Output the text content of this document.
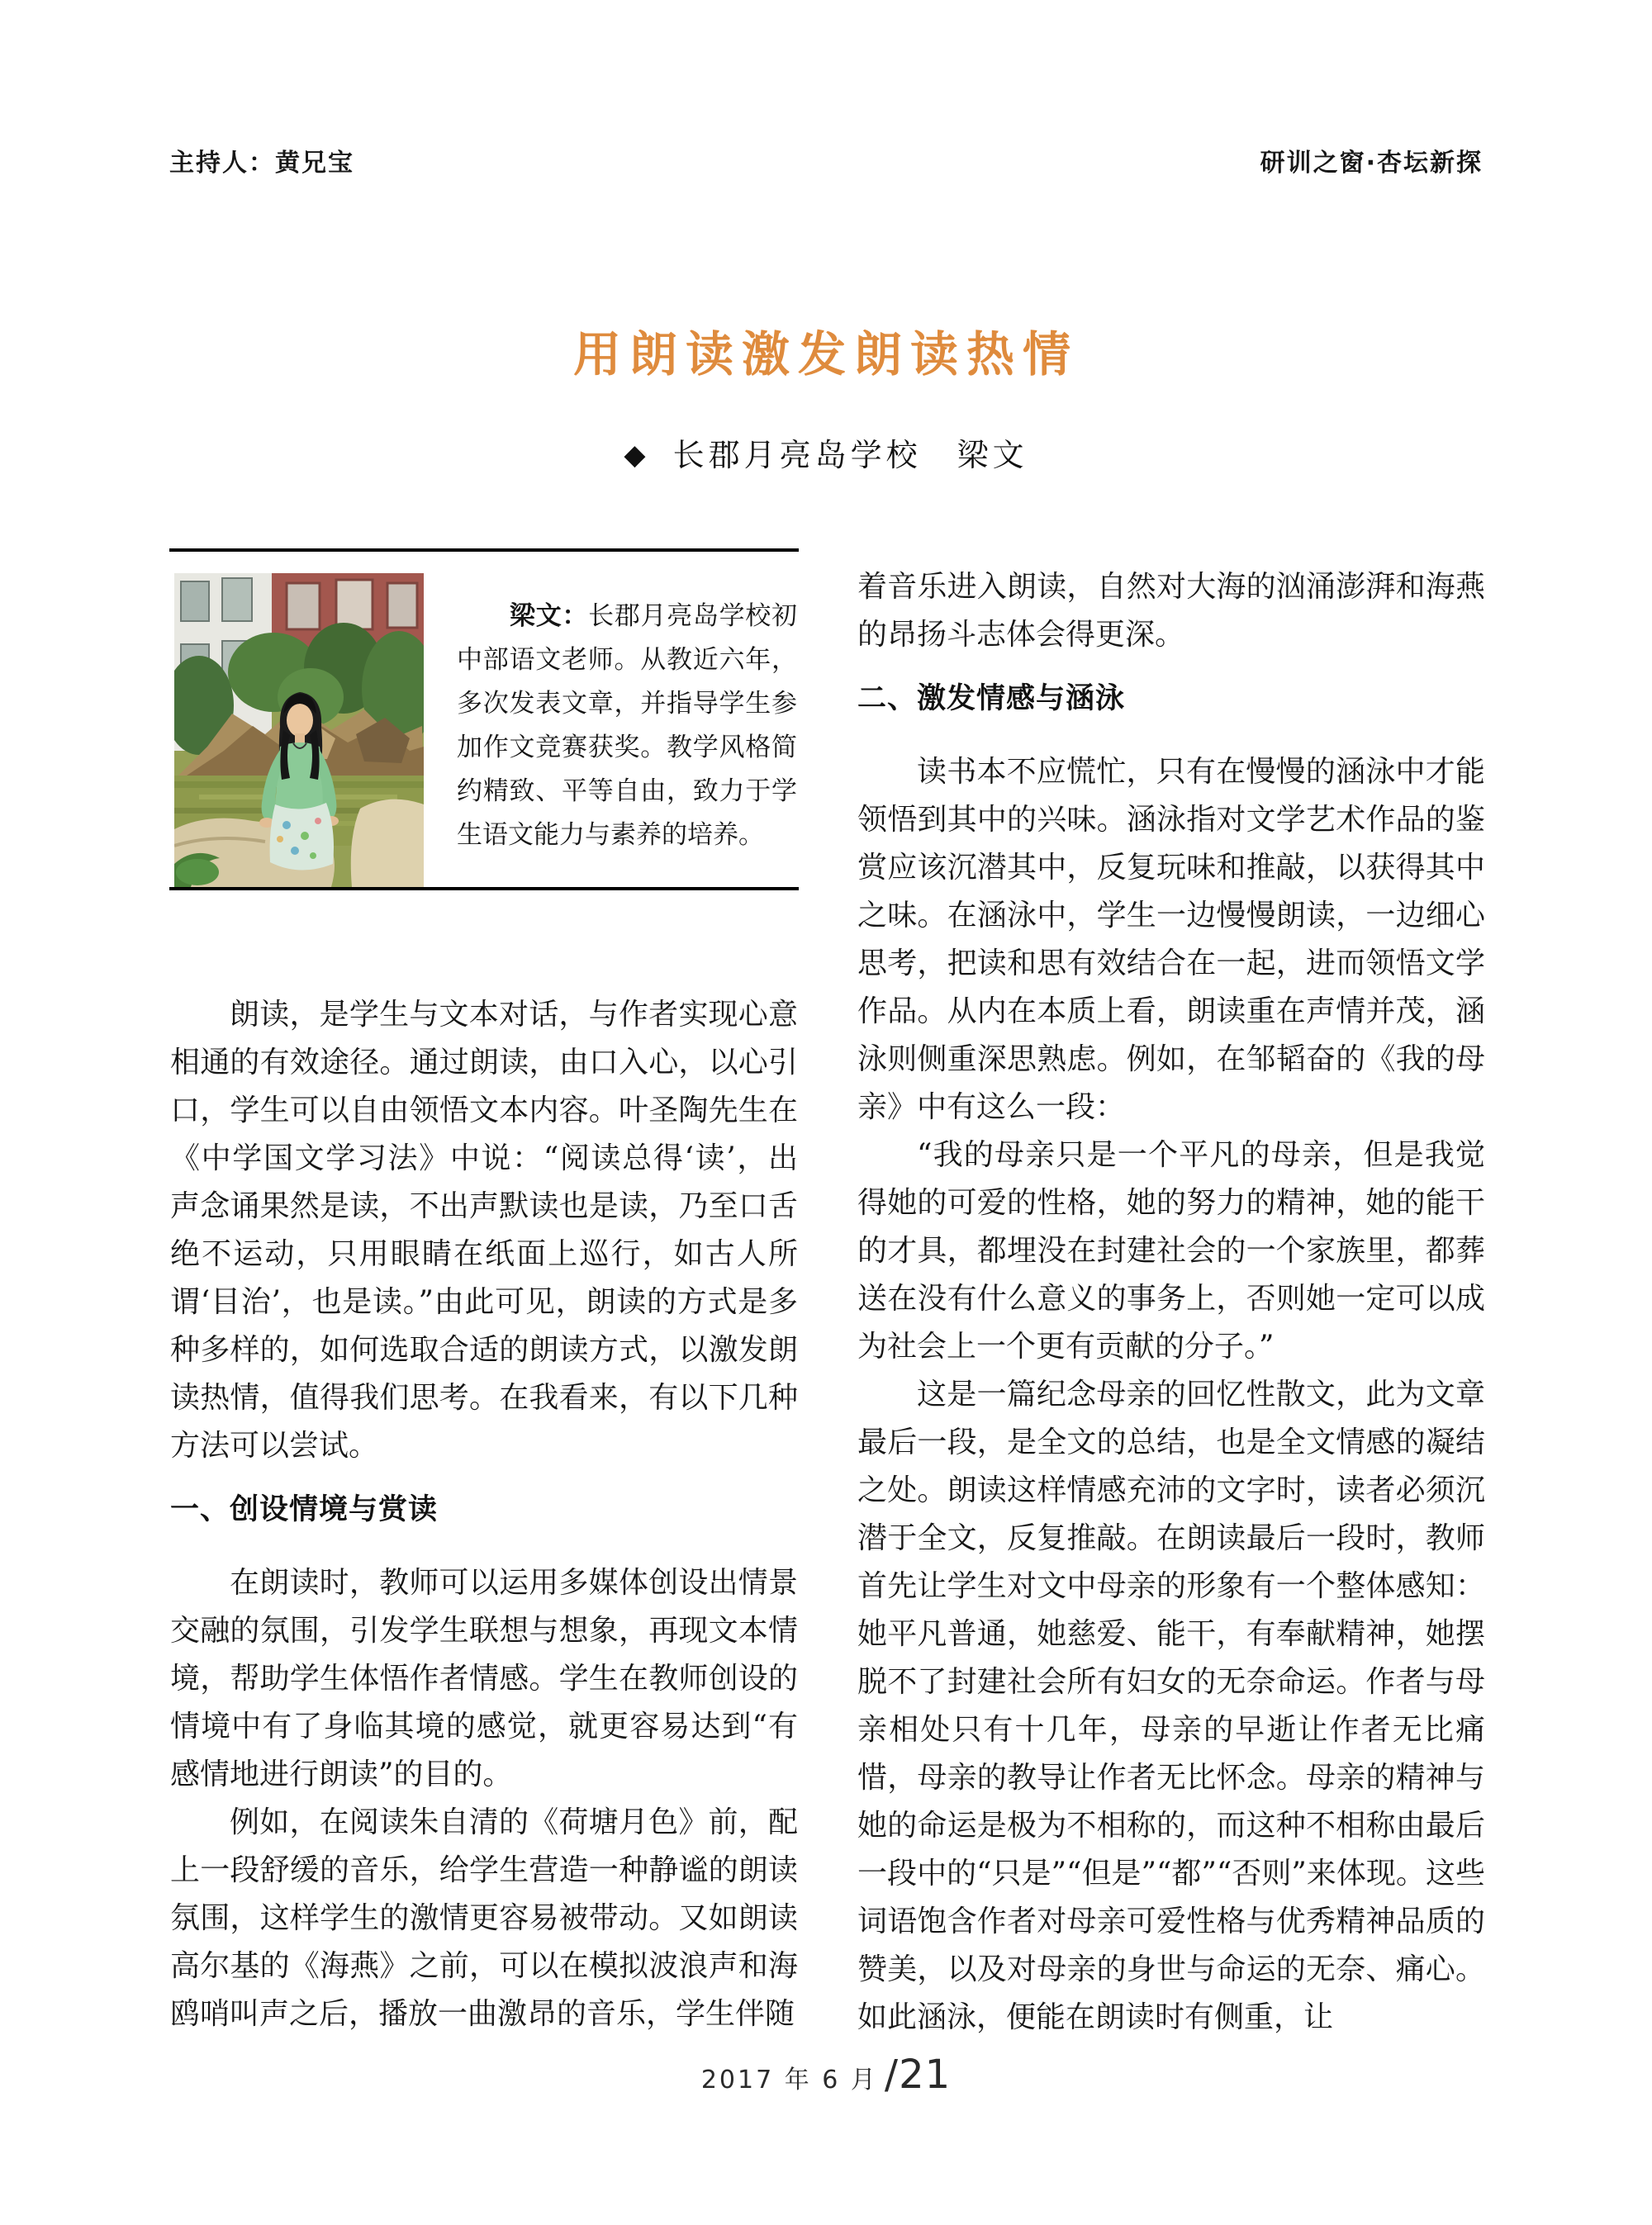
主持人：黄兄宝	研训之窗·杏坛新探
用朗读激发朗读热情
◆ 长郡月亮岛学校　梁文
梁文：长郡月亮岛学校初中部语文老师。从教近六年，多次发表文章，并指导学生参加作文竞赛获奖。教学风格简约精致、平等自由，致力于学生语文能力与素养的培养。

朗读，是学生与文本对话，与作者实现心意相通的有效途径。通过朗读，由口入心，以心引口，学生可以自由领悟文本内容。叶圣陶先生在《中学国文学习法》中说：“阅读总得‘读’，出声念诵果然是读，不出声默读也是读，乃至口舌绝不运动，只用眼睛在纸面上巡行，如古人所谓‘目治’，也是读。”由此可见，朗读的方式是多种多样的，如何选取合适的朗读方式，以激发朗读热情，值得我们思考。在我看来，有以下几种方法可以尝试。

一、创设情境与赏读

在朗读时，教师可以运用多媒体创设出情景交融的氛围，引发学生联想与想象，再现文本情境，帮助学生体悟作者情感。学生在教师创设的情境中有了身临其境的感觉，就更容易达到“有感情地进行朗读”的目的。

例如，在阅读朱自清的《荷塘月色》前，配上一段舒缓的音乐，给学生营造一种静谧的朗读氛围，这样学生的激情更容易被带动。又如朗读高尔基的《海燕》之前，可以在模拟波浪声和海鸥哨叫声之后，播放一曲激昂的音乐，学生伴随

着音乐进入朗读，自然对大海的汹涌澎湃和海燕的昂扬斗志体会得更深。

二、激发情感与涵泳

读书本不应慌忙，只有在慢慢的涵泳中才能领悟到其中的兴味。涵泳指对文学艺术作品的鉴赏应该沉潜其中，反复玩味和推敲，以获得其中之味。在涵泳中，学生一边慢慢朗读，一边细心思考，把读和思有效结合在一起，进而领悟文学作品。从内在本质上看，朗读重在声情并茂，涵泳则侧重深思熟虑。例如，在邹韬奋的《我的母亲》中有这么一段：

“我的母亲只是一个平凡的母亲，但是我觉得她的可爱的性格，她的努力的精神，她的能干的才具，都埋没在封建社会的一个家族里，都葬送在没有什么意义的事务上，否则她一定可以成为社会上一个更有贡献的分子。”

这是一篇纪念母亲的回忆性散文，此为文章最后一段，是全文的总结，也是全文情感的凝结之处。朗读这样情感充沛的文字时，读者必须沉潜于全文，反复推敲。在朗读最后一段时，教师首先让学生对文中母亲的形象有一个整体感知：她平凡普通，她慈爱、能干，有奉献精神，她摆脱不了封建社会所有妇女的无奈命运。作者与母亲相处只有十几年，母亲的早逝让作者无比痛惜，母亲的教导让作者无比怀念。母亲的精神与她的命运是极为不相称的，而这种不相称由最后一段中的“只是”“但是”“都”“否则”来体现。这些词语饱含作者对母亲可爱性格与优秀精神品质的赞美，以及对母亲的身世与命运的无奈、痛心。如此涵泳，便能在朗读时有侧重，让

2017 年 6 月 /21
